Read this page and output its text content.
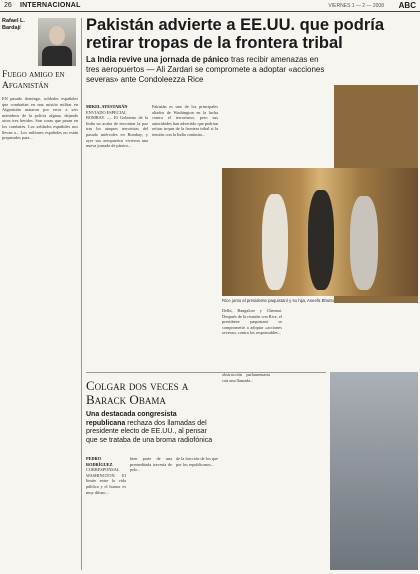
26 INTERNACIONAL	VIERNES 1 — 2 — 2008 ABC
Rafael L. Bardají
Fuego amigo en Afganistán
EN pasado domingo, soldados españoles que combatían en una misión militar en Afganistán mataron por error a seis miembros de la policía afgana, dejando otros tres heridos. Son cosas que pasan en los combates. Los soldados españoles nos llevan a... Los militares españoles no están preparados para...
Pakistán advierte a EE.UU. que podría retirar tropas de la frontera tribal
La India revive una jornada de pánico tras recibir amenazas en tres aeropuertos — Ali Zardari se compromete a adoptar «acciones severas» ante Condoleezza Rice
MIKEL AYESTARÁN
ENVIADO ESPECIAL
BOMBAY. — El Gobierno de la India no acaba de encontrar la paz tras los ataques terroristas del pasado miércoles en Bombay, y ayer sus aeropuertos vivieron una nueva jornada de pánico...
Pakistán es uno de los principales aliados de Washington en la lucha contra el terrorismo, pero sus autoridades han advertido que podrían retirar tropas de la frontera tribal si la tensión con la India continúa...
Rice junto al presidente paquistaní y su hija, Aseefa Bhutto
Delhi, Bangalore y Chennai. Después de la reunión con Rice, el presidente paquistaní se comprometió a adoptar «acciones severas» contra los responsables...
Colgar dos veces a Barack Obama
Una destacada congresista republicana rechaza dos llamadas del presidente electo de EE.UU., al pensar que se trataba de una broma radiofónica
PEDRO RODRÍGUEZ CORRESPONSAL
WASHINGTON. El limite entre la vida pública y el humor es muy difuso...
bien parte de una premeditada travesía de pelo...
de la fracción de los que por los republicanos...
obstrucción parlamentaria con una llamada...
